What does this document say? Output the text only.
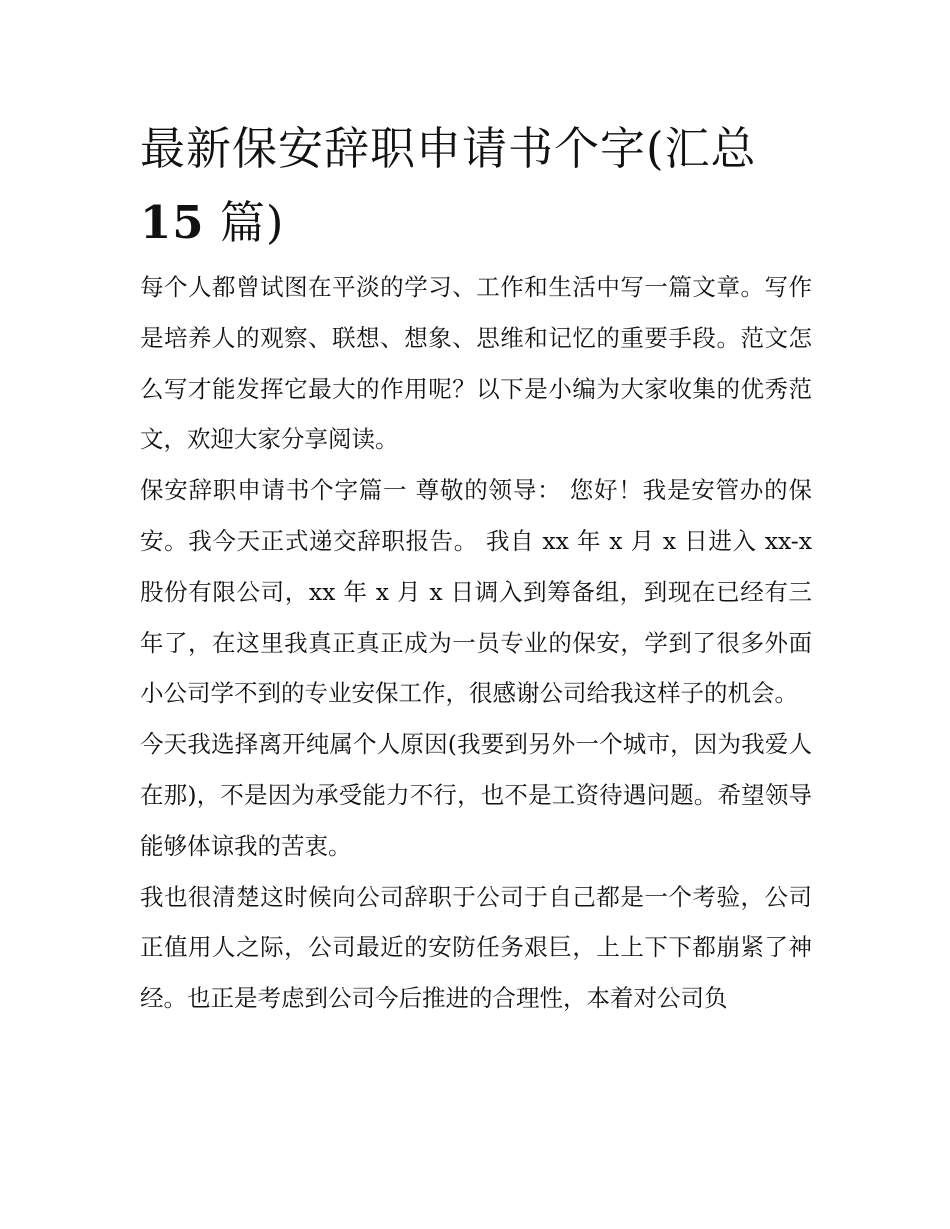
最新保安辞职申请书个字(汇总
15 篇)

每个人都曾试图在平淡的学习、工作和生活中写一篇文章。写作是培养人的观察、联想、想象、思维和记忆的重要手段。范文怎么写才能发挥它最大的作用呢？以下是小编为大家收集的优秀范文，欢迎大家分享阅读。

保安辞职申请书个字篇一 尊敬的领导： 您好！我是安管办的保安。我今天正式递交辞职报告。 我自 xx 年 x 月 x 日进入 xx-x 股份有限公司，xx 年 x 月 x 日调入到筹备组，到现在已经有三年了，在这里我真正真正成为一员专业的保安，学到了很多外面小公司学不到的专业安保工作，很感谢公司给我这样子的机会。

今天我选择离开纯属个人原因(我要到另外一个城市，因为我爱人在那)，不是因为承受能力不行，也不是工资待遇问题。希望领导能够体谅我的苦衷。

我也很清楚这时候向公司辞职于公司于自己都是一个考验，公司正值用人之际，公司最近的安防任务艰巨，上上下下都崩紧了神经。也正是考虑到公司今后推进的合理性，本着对公司负
